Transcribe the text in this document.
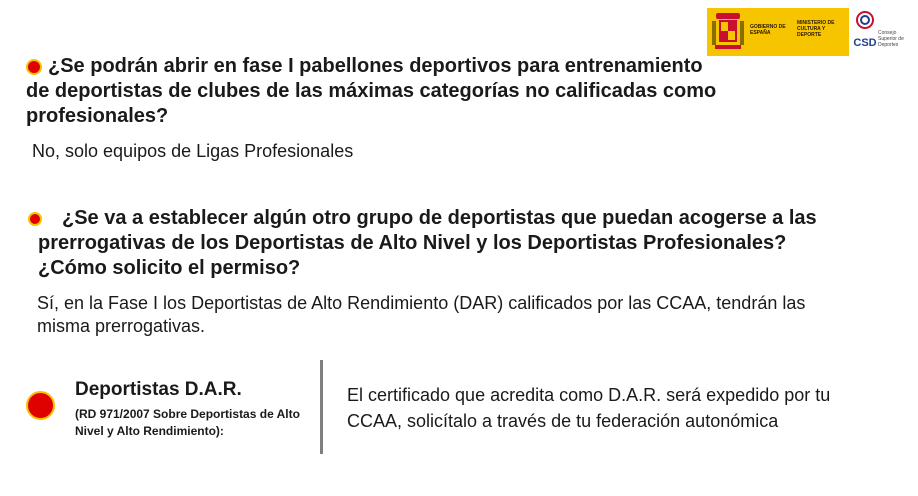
GOBIERNO DE ESPAÑA
MINISTERIO DE CULTURA Y DEPORTE
CSD
Consejo Superior de Deportes

¿Se podrán abrir en fase I pabellones deportivos para entrenamiento de deportistas de clubes de las máximas categorías no calificadas como profesionales?

No, solo equipos de Ligas Profesionales

¿Se va a establecer algún otro grupo de deportistas que puedan acogerse a las prerrogativas de los Deportistas de Alto Nivel y los Deportistas Profesionales? ¿Cómo solicito el permiso?

Sí, en la Fase I los Deportistas de Alto Rendimiento (DAR) calificados por las CCAA, tendrán las misma prerrogativas.

Deportistas D.A.R.
(RD 971/2007 Sobre Deportistas de Alto Nivel y Alto Rendimiento):
El certificado que acredita como D.A.R. será expedido por tu CCAA, solicítalo a través de tu federación autonómica
